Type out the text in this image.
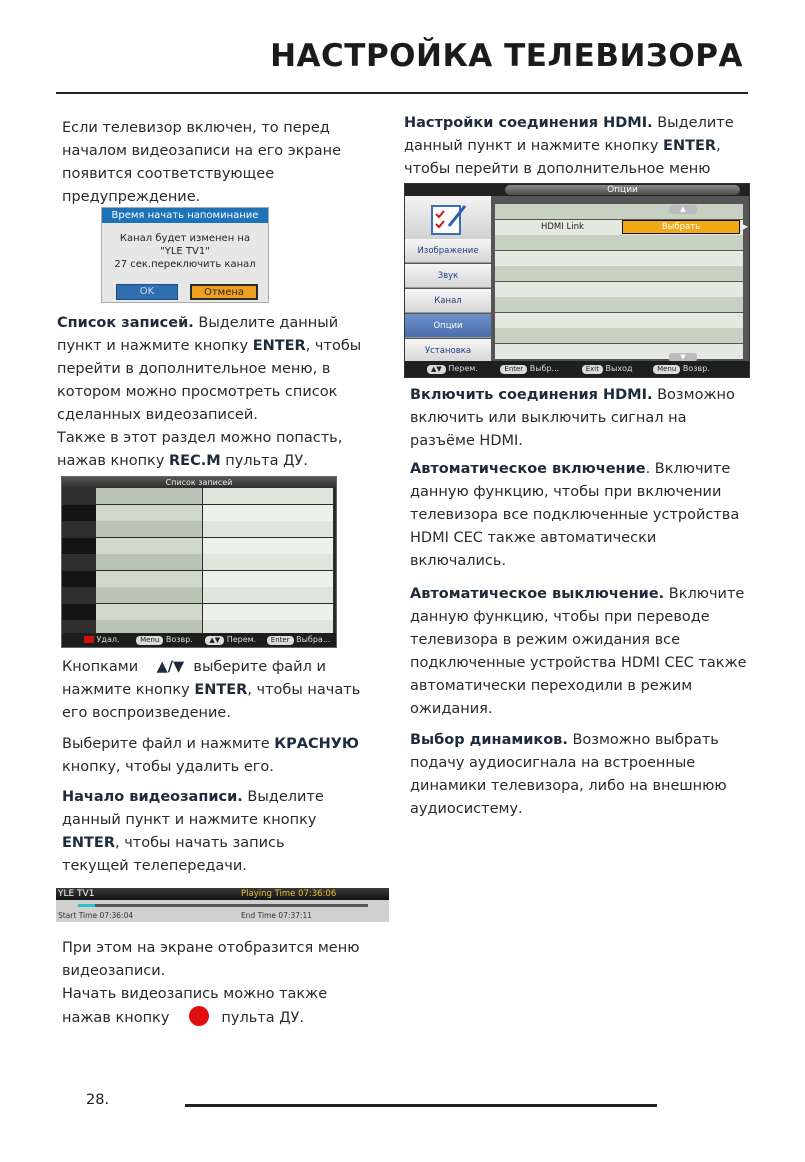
НАСТРОЙКА ТЕЛЕВИЗОРА
Если телевизор включен, то перед началом видеозаписи на его экране появится соответствующее предупреждение.
Время начать напоминание
Канал будет изменен на
"YLE TV1"
27 сек.переключить канал
OK	Отмена
Список записей. Выделите данный пункт и нажмите кнопку ENTER, чтобы перейти в дополнительное меню, в котором можно просмотреть список сделанных видеозаписей.
Также в этот раздел можно попасть, нажав кнопку REC.M пульта ДУ.
Список записей
Удал.	Menu Возвр. ▲▼ Перем. Enter Выбра...
Кнопками ▲/▼ выберите файл и нажмите кнопку ENTER, чтобы начать его воспроизведение.
Выберите файл и нажмите КРАСНУЮ кнопку, чтобы удалить его.
Начало видеозаписи. Выделите данный пункт и нажмите кнопку ENTER, чтобы начать запись текущей телепередачи.
YLE TV1	Playing Time 07:36:06
Start Time 07:36:04	End Time 07:37:11
При этом на экране отобразится меню видеозаписи.
Начать видеозапись можно также
нажав кнопку	пульта ДУ.
Настройки соединения HDMI. Выделите данный пункт и нажмите кнопку ENTER, чтобы перейти в дополнительное меню
Опции
Изображение
Звук
Канал
Опции
Установка
HDMI Link	Выбрать	▶
▲
▼
▲▼ Перем.	Enter Выбр...	Exit Выход	Menu Возвр.
Включить соединения HDMI. Возможно включить или выключить сигнал на разъёме HDMI.
Автоматическое включение. Включите данную функцию, чтобы при включении телевизора все подключенные устройства HDMI CEC также автоматически включались.
Автоматическое выключение. Включите данную функцию, чтобы при переводе телевизора в режим ожидания все подключенные устройства HDMI CEC также автоматически переходили в режим ожидания.
Выбор динамиков. Возможно выбрать подачу аудиосигнала на встроенные динамики телевизора, либо на внешнюю аудиосистему.
28.
